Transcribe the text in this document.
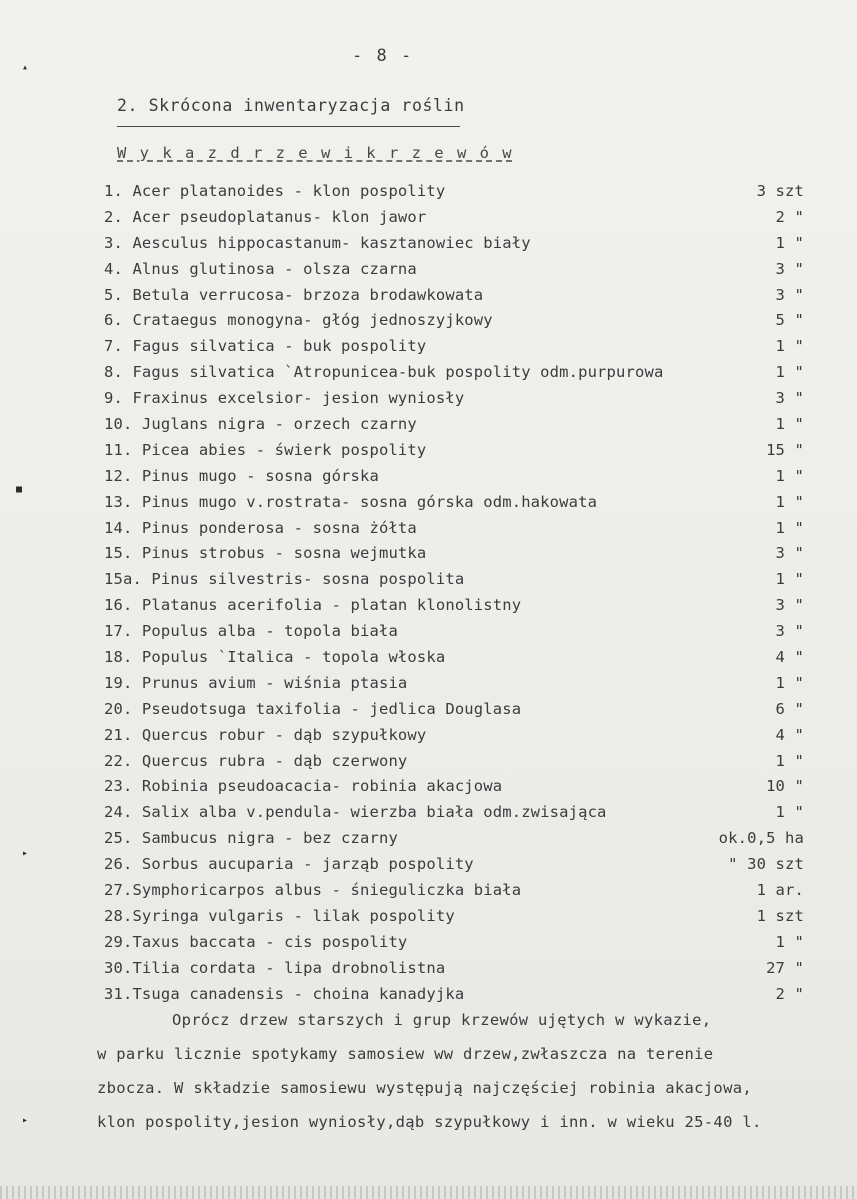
▴
■
▸
▸
- 8 -
2. Skrócona inwentaryzacja roślin
W y k a z d r z e w i k r z e w ó w
1. Acer platanoides - klon pospolity	3 szt
2. Acer pseudoplatanus- klon jawor	2 "
3. Aesculus hippocastanum- kasztanowiec biały	1 "
4. Alnus glutinosa - olsza czarna	3 "
5. Betula verrucosa- brzoza brodawkowata	3 "
6. Crataegus monogyna- głóg jednoszyjkowy	5 "
7. Fagus silvatica - buk pospolity	1 "
8. Fagus silvatica `Atropunicea-buk pospolity odm.purpurowa	1 "
9. Fraxinus excelsior- jesion wyniosły	3 "
10. Juglans nigra - orzech czarny	1 "
11. Picea abies - świerk pospolity	15 "
12. Pinus mugo - sosna górska	1 "
13. Pinus mugo v.rostrata- sosna górska odm.hakowata	1 "
14. Pinus ponderosa - sosna żółta	1 "
15. Pinus strobus - sosna wejmutka	3 "
15a. Pinus silvestris- sosna pospolita	1 "
16. Platanus acerifolia - platan klonolistny	3 "
17. Populus alba - topola biała	3 "
18. Populus `Italica - topola włoska	4 "
19. Prunus avium - wiśnia ptasia	1 "
20. Pseudotsuga taxifolia - jedlica Douglasa	6 "
21. Quercus robur - dąb szypułkowy	4 "
22. Quercus rubra - dąb czerwony	1 "
23. Robinia pseudoacacia- robinia akacjowa	10 "
24. Salix alba v.pendula- wierzba biała odm.zwisająca	1 "
25. Sambucus nigra - bez czarny	ok.0,5 ha
26. Sorbus aucuparia - jarząb pospolity	" 30 szt
27.Symphoricarpos albus - śnieguliczka biała	1 ar.
28.Syringa vulgaris - lilak pospolity	1 szt
29.Taxus baccata - cis pospolity	1 "
30.Tilia cordata - lipa drobnolistna	27 "
31.Tsuga canadensis - choina kanadyjka	2 "
Oprócz drzew starszych i grup krzewów ujętych w wykazie,
w parku licznie spotykamy samosiew ww drzew,zwłaszcza na terenie
zbocza. W składzie samosiewu występują najczęściej robinia akacjowa,
klon pospolity,jesion wyniosły,dąb szypułkowy i inn. w wieku 25-40 l.
